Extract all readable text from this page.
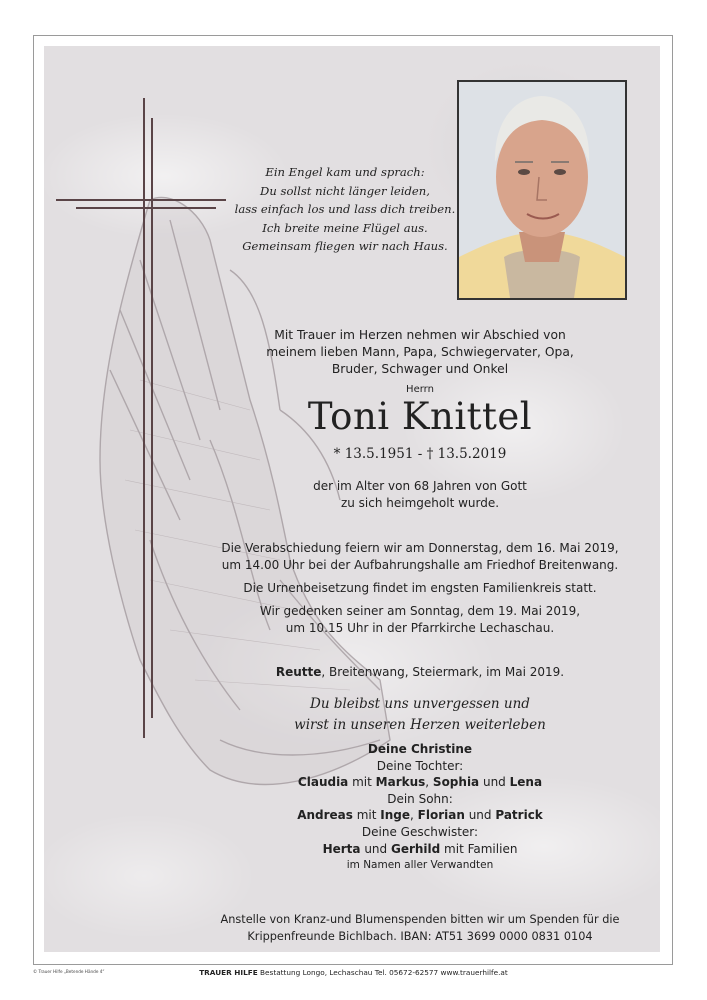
Ein Engel kam und sprach:
Du sollst nicht länger leiden,
lass einfach los und lass dich treiben.
Ich breite meine Flügel aus.
Gemeinsam fliegen wir nach Haus.
Mit Trauer im Herzen nehmen wir Abschied von
meinem lieben Mann, Papa, Schwiegervater, Opa,
Bruder, Schwager und Onkel
Herrn
Toni Knittel
* 13.5.1951 - † 13.5.2019
der im Alter von 68 Jahren von Gott
zu sich heimgeholt wurde.
Die Verabschiedung feiern wir am Donnerstag, dem 16. Mai 2019,
um 14.00 Uhr bei der Aufbahrungshalle am Friedhof Breitenwang.
Die Urnenbeisetzung findet im engsten Familienkreis statt.
Wir gedenken seiner am Sonntag, dem 19. Mai 2019,
um 10.15 Uhr in der Pfarrkirche Lechaschau.
Reutte, Breitenwang, Steiermark, im Mai 2019.
Du bleibst uns unvergessen und
wirst in unseren Herzen weiterleben
Deine Christine
Deine Tochter:
Claudia mit Markus, Sophia und Lena
Dein Sohn:
Andreas mit Inge, Florian und Patrick
Deine Geschwister:
Herta und Gerhild mit Familien
im Namen aller Verwandten
Anstelle von Kranz-und Blumenspenden bitten wir um Spenden für die
Krippenfreunde Bichlbach. IBAN: AT51 3699 0000 0831 0104
© Trauer Hilfe „Betende Hände 4“	TRAUER HILFE Bestattung Longo, Lechaschau Tel. 05672-62577 www.trauerhilfe.at
